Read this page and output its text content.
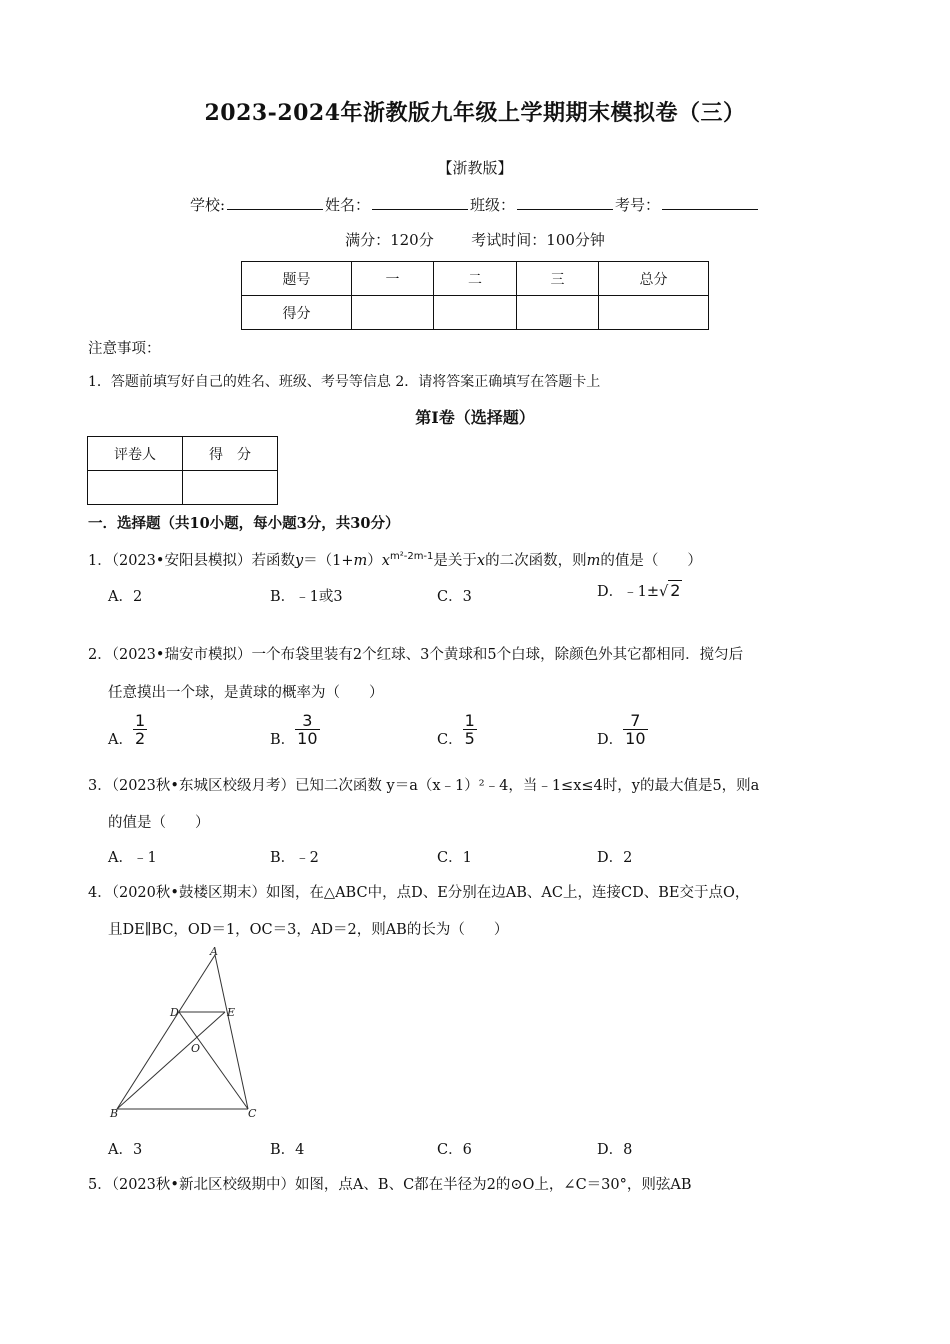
2023-2024年浙教版九年级上学期期末模拟卷（三）
【浙教版】
学校:	姓名：	班级：	考号：
满分：120分	考试时间：100分钟
题号	一	二	三	总分
得分				
注意事项：
1．答题前填写好自己的姓名、班级、考号等信息 2．请将答案正确填写在答题卡上
第Ⅰ卷（选择题）
评卷人	得　分

一．选择题（共10小题，每小题3分，共30分）
1．（2023•安阳县模拟）若函数$y=(1+m)x^{m^2-2m-1}$是关于x的二次函数，则m的值是（　　）
A．2	B．﹣1或3	C．3	D．﹣1±√ 2
2．（2023•瑞安市模拟）一个布袋里装有2个红球、3个黄球和5个白球，除颜色外其它都相同．搅匀后
任意摸出一个球，是黄球的概率为（　　）
A． $\frac{1}{2}$	B． $\frac{3}{10}$	C． $\frac{1}{5}$	D． $\frac{7}{10}$
3．（2023秋•东城区校级月考）已知二次函数 y＝a（x﹣1）²﹣4，当﹣1≤x≤4时，y的最大值是5，则a
的值是（　　）
A．﹣1	B．﹣2	C．1	D．2
4．（2020秋•鼓楼区期末）如图，在△ABC中，点D、E分别在边AB、AC上，连接CD、BE交于点O，
且DE∥BC，OD＝1，OC＝3，AD＝2，则AB的长为（　　）
A
D	E
O
B	C
A．3	B．4	C．6	D．8
5．（2023秋•新北区校级期中）如图，点A、B、C都在半径为2的⊙O上，∠C＝30°，则弦AB
